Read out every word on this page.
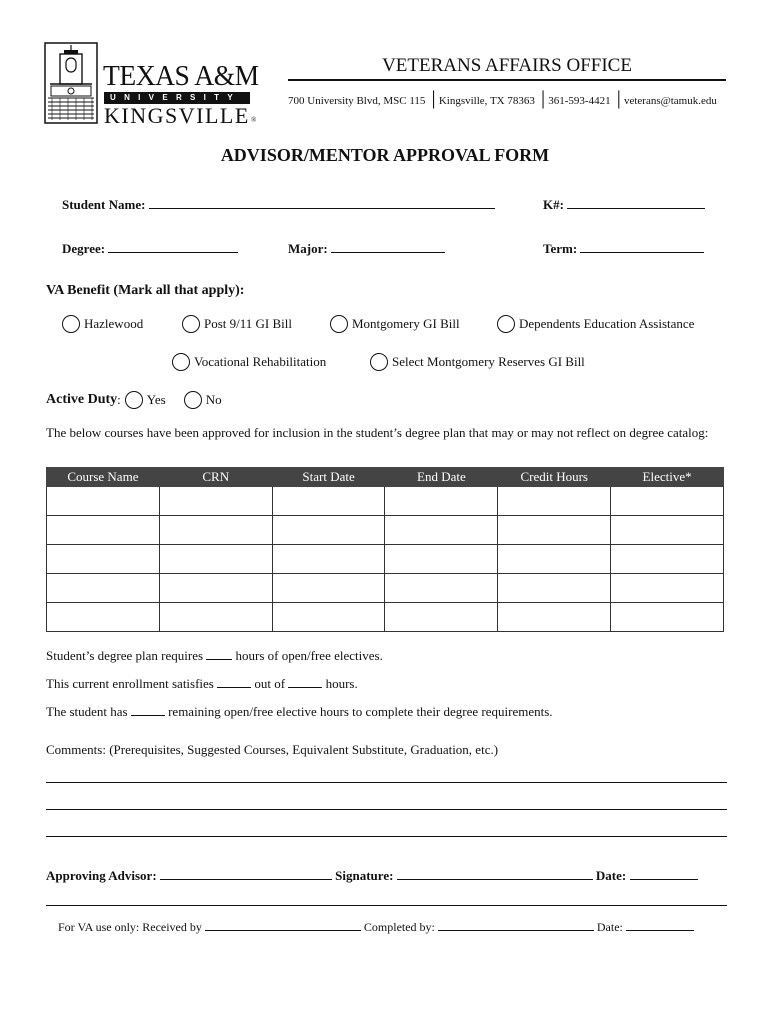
TEXAS A&M
UNIVERSITY
KINGSVILLE ®
VETERANS AFFAIRS OFFICE
700 University Blvd, MSC 115 │Kingsville, TX 78363 │361-593-4421 │veterans@tamuk.edu
ADVISOR/MENTOR APPROVAL FORM
Student Name:	K#:
Degree:	Major:	Term:
VA Benefit (Mark all that apply):
Hazlewood	Post 9/11 GI Bill	Montgomery GI Bill	Dependents Education Assistance
Vocational Rehabilitation	Select Montgomery Reserves GI Bill
Active Duty : Yes	No
The below courses have been approved for inclusion in the student’s degree plan that may or may not reflect on degree catalog:
Course Name	CRN	Start Date	End Date	Credit Hours	Elective*

Student’s degree plan requires  hours of open/free electives.
This current enrollment satisfies	out of	hours.
The student has	remaining open/free elective hours to complete their degree requirements.
Comments: (Prerequisites, Suggested Courses, Equivalent Substitute, Graduation, etc.)
Approving Advisor:	Signature:	Date:
For VA use only: Received by	Completed by:	Date:
